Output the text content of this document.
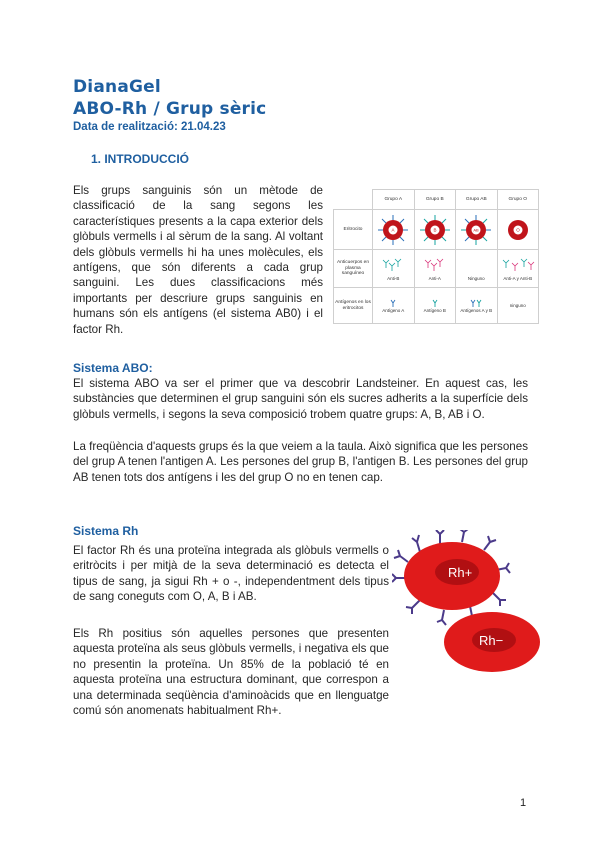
DianaGel
ABO-Rh / Grup sèric
Data de realització: 21.04.23
1. INTRODUCCIÓ
Els grups sanguinis són un mètode de classificació de la sang segons les característiques presents a la capa exterior dels glòbuls vermells i al sèrum de la sang. Al voltant dels glòbuls vermells hi ha unes molècules, els antígens, que són diferents a cada grup sanguini. Les dues classificacions més importants per descriure grups sanguinis en humans són els antígens (el sistema AB0) i el factor Rh.
	Grupo A	Grupo B	Grupo AB	Grupo O
Eritrocito	A	B	AB	O

Anticuerpos en plasma sanguíneo	Anti-B	Anti-A	Ninguno	Anti-A y Anti-B

Antígenos en los eritrocitos	Antígeno A	Antígeno B	Antígenos A y B	ninguno
Sistema ABO:
El sistema ABO va ser el primer que va descobrir Landsteiner. En aquest cas, les substàncies que determinen el grup sanguini són els sucres adherits a la superfície dels glòbuls vermells, i segons la seva composició trobem quatre grups: A, B, AB i O.
La freqüència d'aquests grups és la que veiem a la taula. Això significa que les persones del grup A tenen l'antigen A. Les persones del grup B, l'antigen B. Les persones del grup AB tenen tots dos antígens i les del grup O no en tenen cap.
Sistema Rh
El factor Rh és una proteïna integrada als glòbuls vermells o eritròcits i per mitjà de la seva determinació es detecta el tipus de sang, ja sigui Rh + o -, independentment dels tipus de sang coneguts com O, A, B i AB.
Els Rh positius són aquelles persones que presenten aquesta proteïna als seus glòbuls vermells, i negativa els que no presentin la proteïna. Un 85% de la població té en aquesta proteïna una estructura dominant, que correspon a una determinada seqüència d'aminoàcids que en llenguatge comú són anomenats habitualment Rh+.
Rh+
Rh−
1
